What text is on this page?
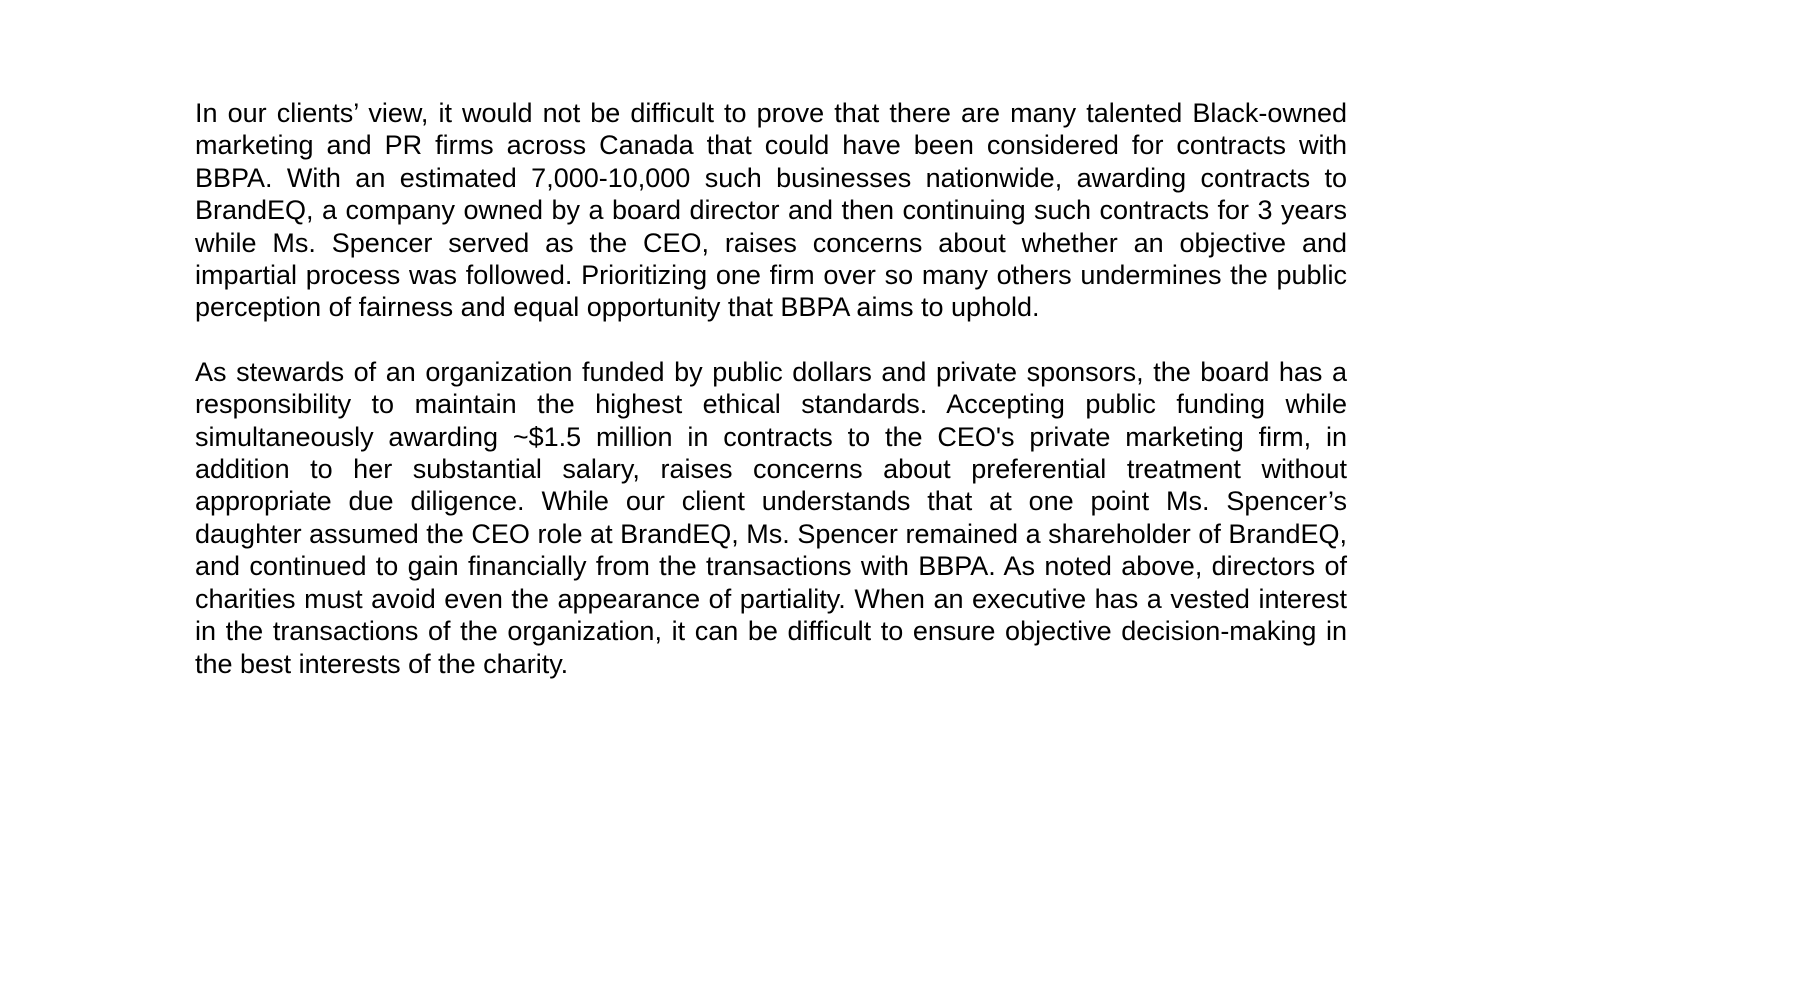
In our clients’ view, it would not be difficult to prove that there are many talented Black-owned marketing and PR firms across Canada that could have been considered for contracts with BBPA. With an estimated 7,000-10,000 such businesses nationwide, awarding contracts to BrandEQ, a company owned by a board director and then continuing such contracts for 3 years while Ms. Spencer served as the CEO, raises concerns about whether an objective and impartial process was followed. Prioritizing one firm over so many others undermines the public perception of fairness and equal opportunity that BBPA aims to uphold.

As stewards of an organization funded by public dollars and private sponsors, the board has a responsibility to maintain the highest ethical standards. Accepting public funding while simultaneously awarding ~$1.5 million in contracts to the CEO's private marketing firm, in addition to her substantial salary, raises concerns about preferential treatment without appropriate due diligence. While our client understands that at one point Ms. Spencer’s daughter assumed the CEO role at BrandEQ, Ms. Spencer remained a shareholder of BrandEQ, and continued to gain financially from the transactions with BBPA. As noted above, directors of charities must avoid even the appearance of partiality. When an executive has a vested interest in the transactions of the organization, it can be difficult to ensure objective decision-making in the best interests of the charity.
